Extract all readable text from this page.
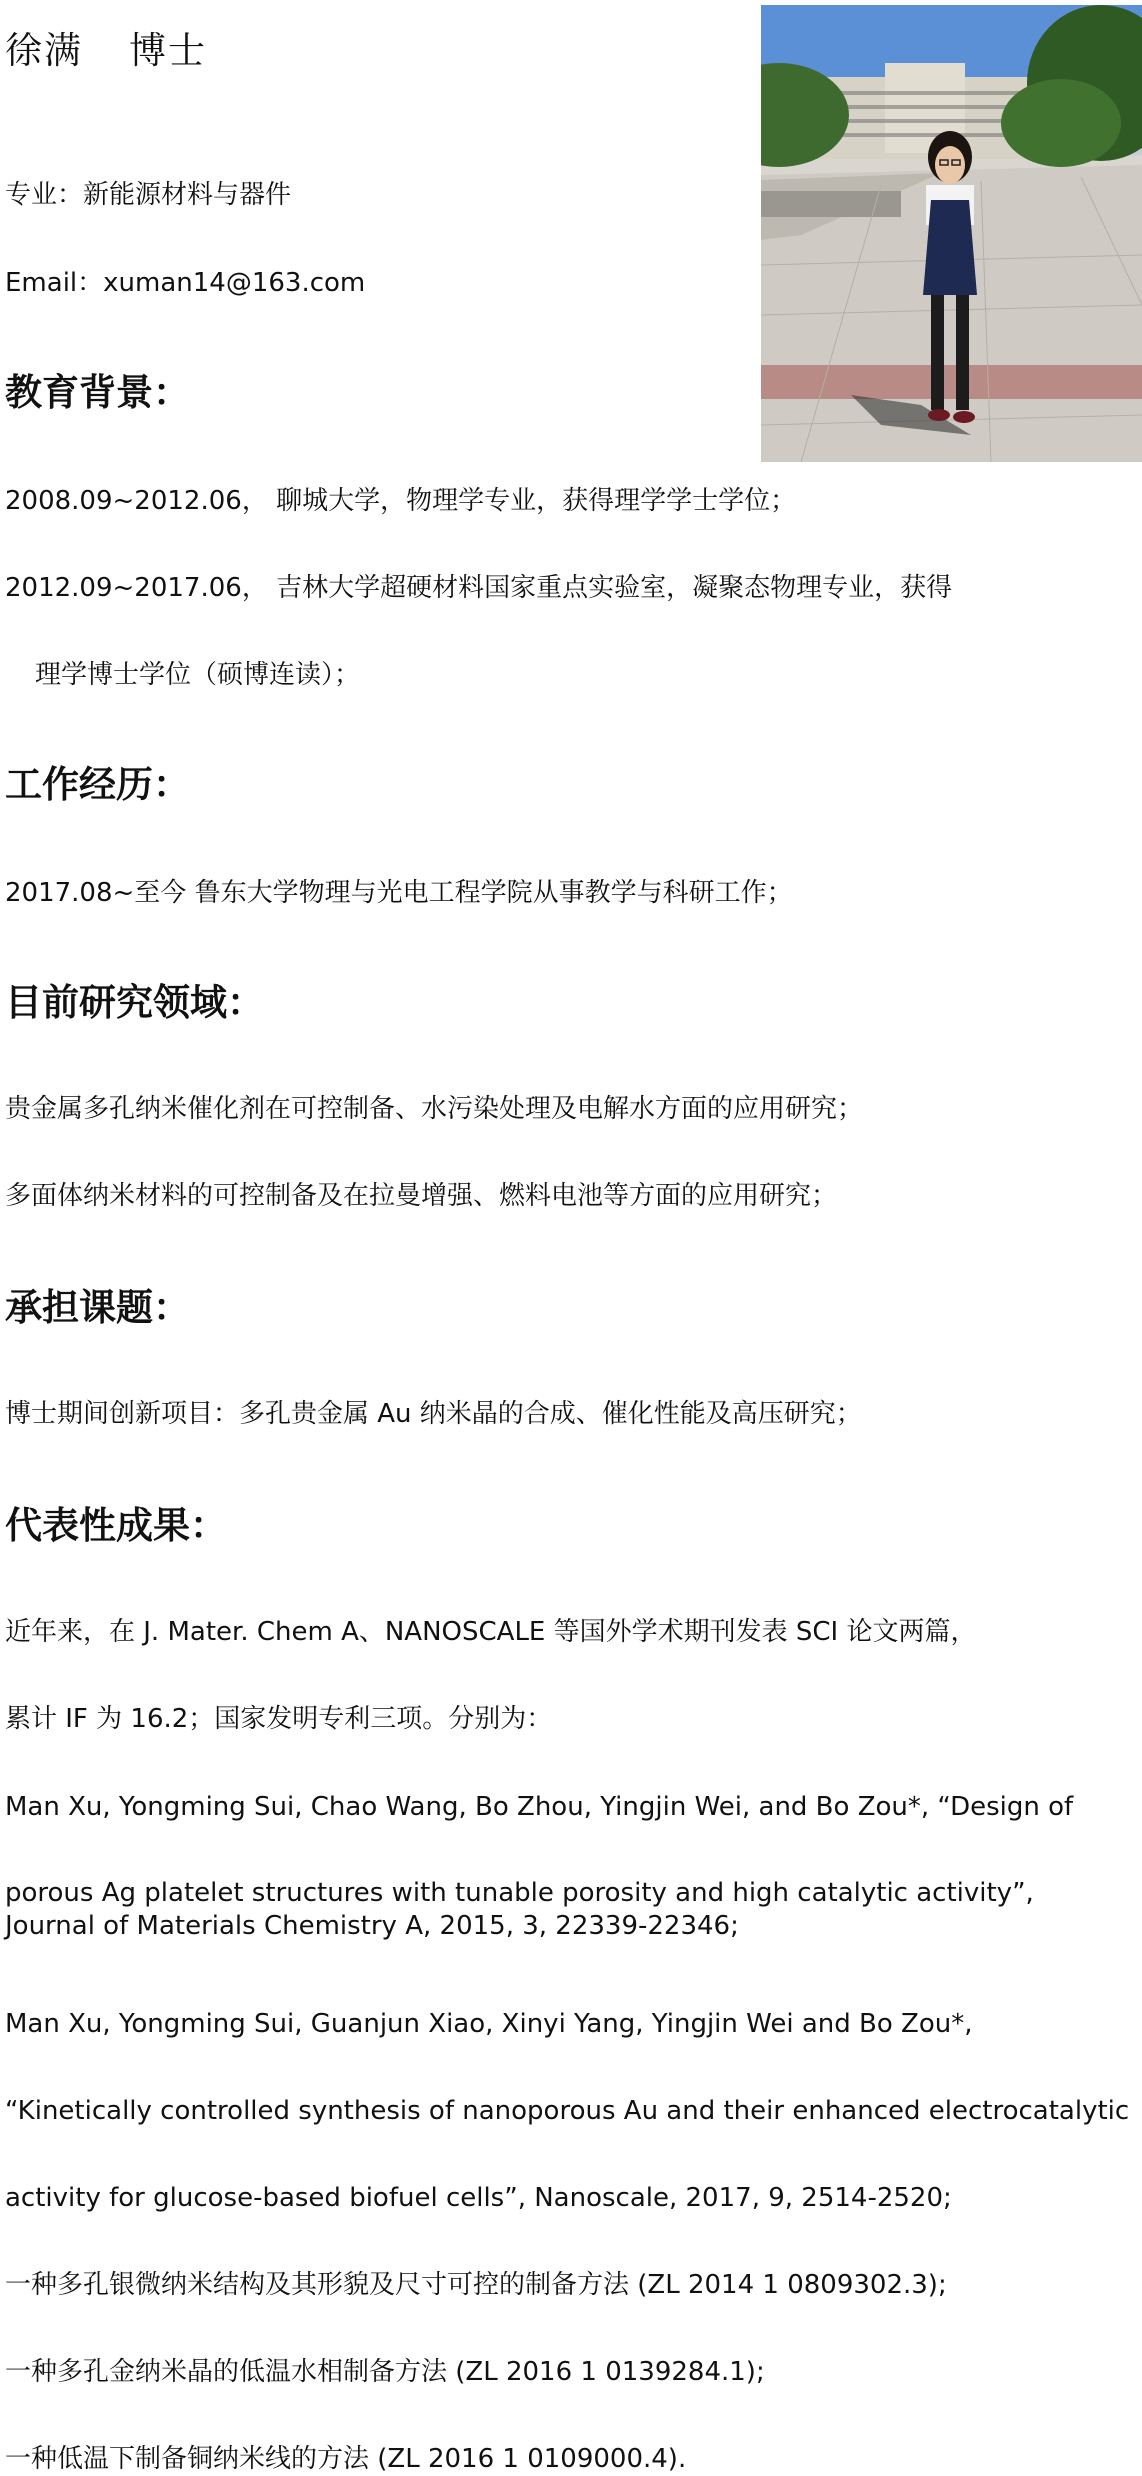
徐满 博士
专业：新能源材料与器件
Email：xuman14@163.com
教育背景：
2008.09~2012.06， 聊城大学，物理学专业，获得理学学士学位；
2012.09~2017.06， 吉林大学超硬材料国家重点实验室，凝聚态物理专业，获得
理学博士学位（硕博连读）；
工作经历：
2017.08~至今 鲁东大学物理与光电工程学院从事教学与科研工作；
目前研究领域：
贵金属多孔纳米催化剂在可控制备、水污染处理及电解水方面的应用研究；
多面体纳米材料的可控制备及在拉曼增强、燃料电池等方面的应用研究；
承担课题：
博士期间创新项目：多孔贵金属 Au 纳米晶的合成、催化性能及高压研究；
代表性成果：
近年来，在 J. Mater. Chem A、NANOSCALE 等国外学术期刊发表 SCI 论文两篇，
累计 IF 为 16.2；国家发明专利三项。分别为：
Man Xu, Yongming Sui, Chao Wang, Bo Zhou, Yingjin Wei, and Bo Zou*, “Design of
porous Ag platelet structures with tunable porosity and high catalytic activity”, Journal of Materials Chemistry A, 2015, 3, 22339-22346;
Man Xu, Yongming Sui, Guanjun Xiao, Xinyi Yang, Yingjin Wei and Bo Zou*,
“Kinetically controlled synthesis of nanoporous Au and their enhanced electrocatalytic
activity for glucose-based biofuel cells”, Nanoscale, 2017, 9, 2514-2520;
一种多孔银微纳米结构及其形貌及尺寸可控的制备方法 (ZL 2014 1 0809302.3);
一种多孔金纳米晶的低温水相制备方法 (ZL 2016 1 0139284.1);
一种低温下制备铜纳米线的方法 (ZL 2016 1 0109000.4).
